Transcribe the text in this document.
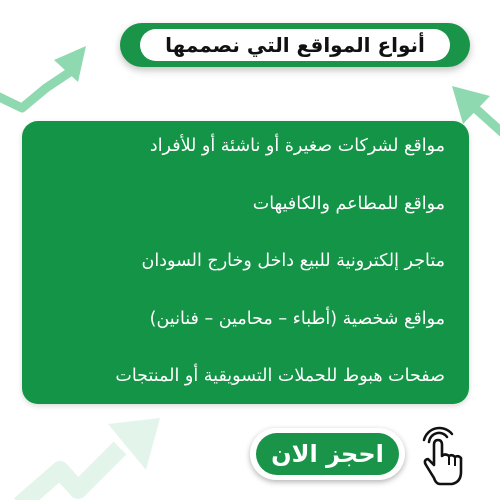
أنواع المواقع التي نصممها
مواقع لشركات صغيرة أو ناشئة أو للأفراد
مواقع للمطاعم والكافيهات
متاجر إلكترونية للبيع داخل وخارج السودان
مواقع شخصية (أطباء – محامين – فنانين)
صفحات هبوط للحملات التسويقية أو المنتجات
احجز الان
